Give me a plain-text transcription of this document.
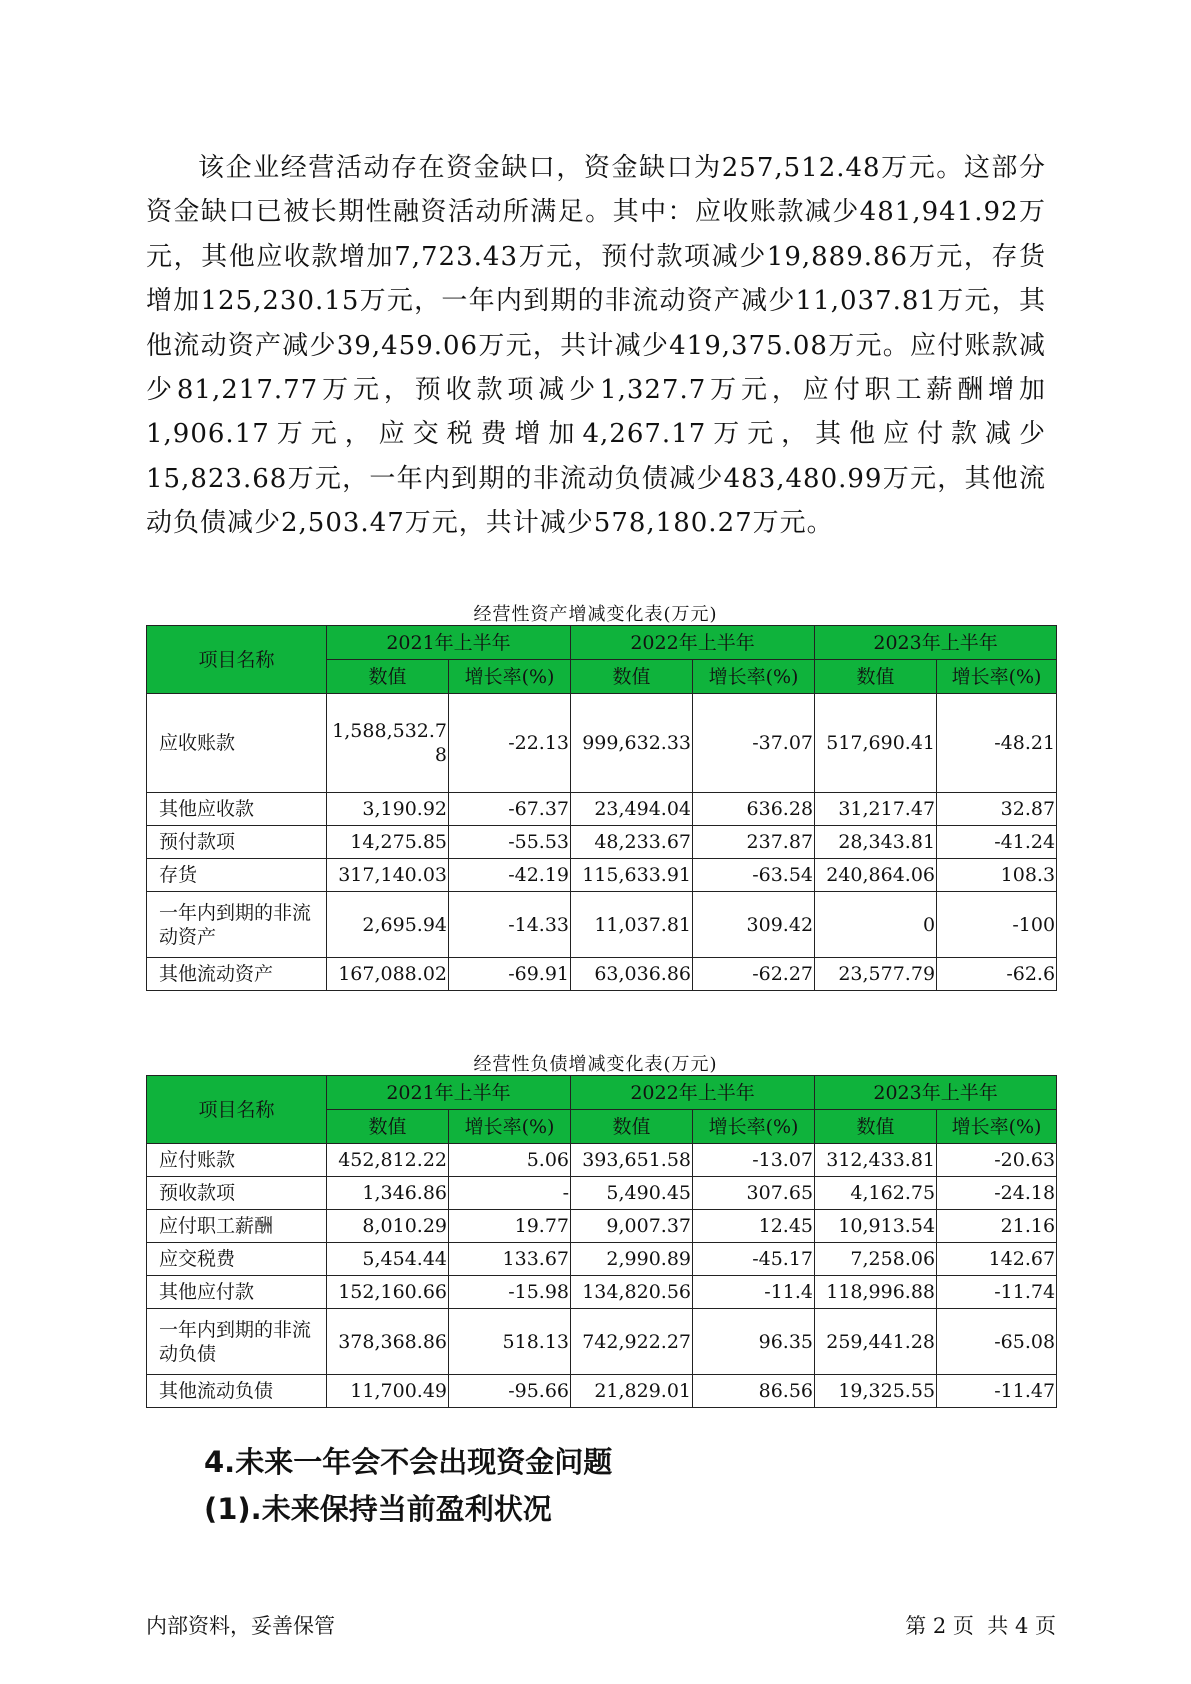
该企业经营活动存在资金缺口，资金缺口为257,512.48万元。这部分资金缺口已被长期性融资活动所满足。其中：应收账款减少481,941.92万元，其他应收款增加7,723.43万元，预付款项减少19,889.86万元，存货增加125,230.15万元，一年内到期的非流动资产减少11,037.81万元，其他流动资产减少39,459.06万元，共计减少419,375.08万元。应付账款减少81,217.77万元，预收款项减少1,327.7万元，应付职工薪酬增加1,906.17万元，应交税费增加4,267.17万元，其他应付款减少15,823.68万元，一年内到期的非流动负债减少483,480.99万元，其他流动负债减少2,503.47万元，共计减少578,180.27万元。

经营性资产增减变化表(万元)
项目名称	2021年上半年		2022年上半年		2023年上半年	
	数值	增长率(%)	数值	增长率(%)	数值	增长率(%)
应收账款	1,588,532.78	-22.13	999,632.33	-37.07	517,690.41	-48.21
其他应收款	3,190.92	-67.37	23,494.04	636.28	31,217.47	32.87
预付款项	14,275.85	-55.53	48,233.67	237.87	28,343.81	-41.24
存货	317,140.03	-42.19	115,633.91	-63.54	240,864.06	108.3
一年内到期的非流动资产	2,695.94	-14.33	11,037.81	309.42	0	-100
其他流动资产	167,088.02	-69.91	63,036.86	-62.27	23,577.79	-62.6
经营性负债增减变化表(万元)
项目名称	2021年上半年		2022年上半年		2023年上半年	
	数值	增长率(%)	数值	增长率(%)	数值	增长率(%)
应付账款	452,812.22	5.06	393,651.58	-13.07	312,433.81	-20.63
预收款项	1,346.86	-	5,490.45	307.65	4,162.75	-24.18
应付职工薪酬	8,010.29	19.77	9,007.37	12.45	10,913.54	21.16
应交税费	5,454.44	133.67	2,990.89	-45.17	7,258.06	142.67
其他应付款	152,160.66	-15.98	134,820.56	-11.4	118,996.88	-11.74
一年内到期的非流动负债	378,368.86	518.13	742,922.27	96.35	259,441.28	-65.08
其他流动负债	11,700.49	-95.66	21,829.01	86.56	19,325.55	-11.47
4.未来一年会不会出现资金问题
(1).未来保持当前盈利状况
内部资料，妥善保管	第 2 页  共 4 页
